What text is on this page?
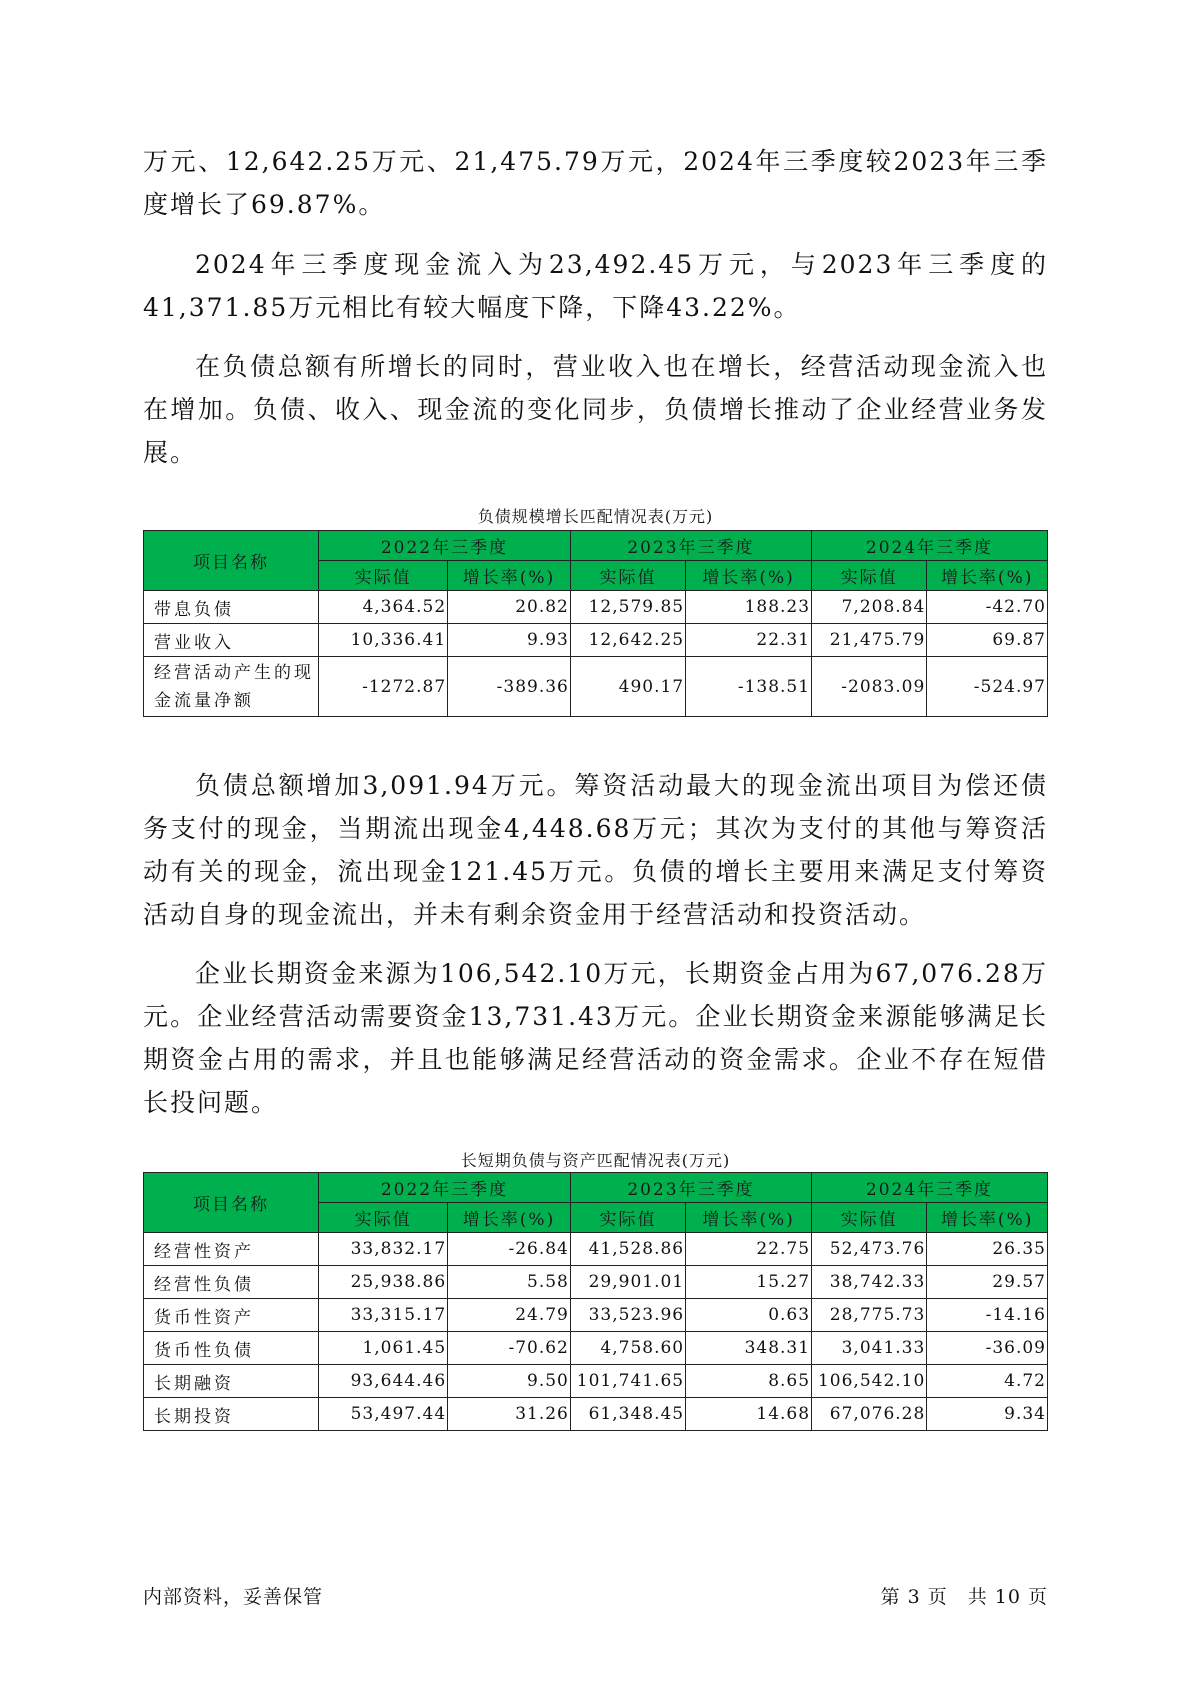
万元、12,642.25万元、21,475.79万元，2024年三季度较2023年三季度增长了69.87%。

2024年三季度现金流入为23,492.45万元，与2023年三季度的41,371.85万元相比有较大幅度下降，下降43.22%。

在负债总额有所增长的同时，营业收入也在增长，经营活动现金流入也在增加。负债、收入、现金流的变化同步，负债增长推动了企业经营业务发展。

负债规模增长匹配情况表(万元)
项目名称	2022年三季度		2023年三季度		2024年三季度	
	实际值	增长率(%)	实际值	增长率(%)	实际值	增长率(%)
带息负债	4,364.52	20.82	12,579.85	188.23	7,208.84	-42.70
营业收入	10,336.41	9.93	12,642.25	22.31	21,475.79	69.87
经营活动产生的现金流量净额	-1272.87	-389.36	490.17	-138.51	-2083.09	-524.97

负债总额增加3,091.94万元。筹资活动最大的现金流出项目为偿还债务支付的现金，当期流出现金4,448.68万元；其次为支付的其他与筹资活动有关的现金，流出现金121.45万元。负债的增长主要用来满足支付筹资活动自身的现金流出，并未有剩余资金用于经营活动和投资活动。

企业长期资金来源为106,542.10万元，长期资金占用为67,076.28万元。企业经营活动需要资金13,731.43万元。企业长期资金来源能够满足长期资金占用的需求，并且也能够满足经营活动的资金需求。企业不存在短借长投问题。

长短期负债与资产匹配情况表(万元)
项目名称	2022年三季度		2023年三季度		2024年三季度	
	实际值	增长率(%)	实际值	增长率(%)	实际值	增长率(%)
经营性资产	33,832.17	-26.84	41,528.86	22.75	52,473.76	26.35
经营性负债	25,938.86	5.58	29,901.01	15.27	38,742.33	29.57
货币性资产	33,315.17	24.79	33,523.96	0.63	28,775.73	-14.16
货币性负债	1,061.45	-70.62	4,758.60	348.31	3,041.33	-36.09
长期融资	93,644.46	9.50	101,741.65	8.65	106,542.10	4.72
长期投资	53,497.44	31.26	61,348.45	14.68	67,076.28	9.34
内部资料，妥善保管	第 3 页　共 10 页
